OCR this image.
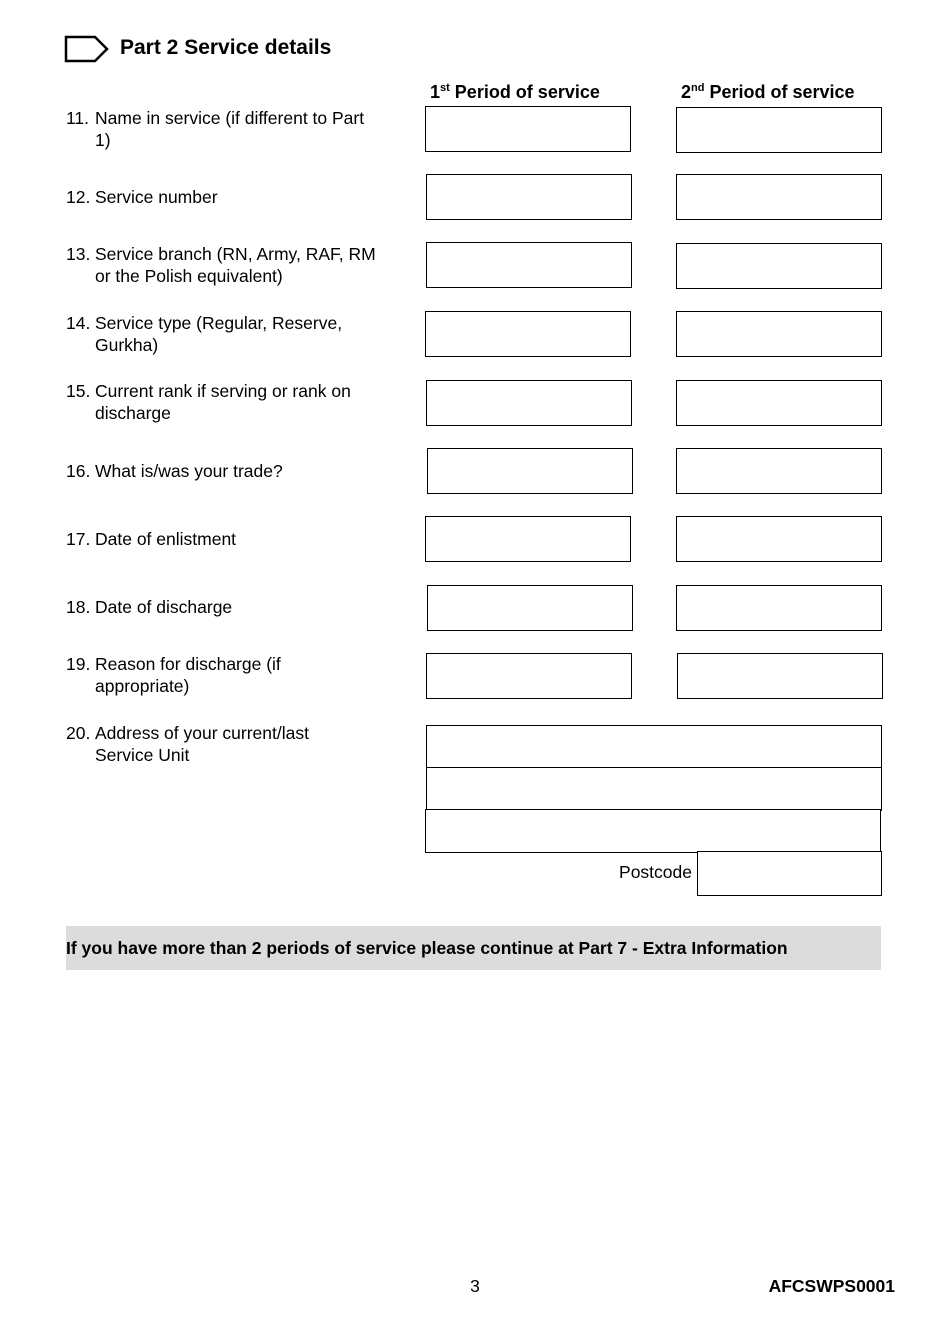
Part 2 Service details
1st Period of service	2nd Period of service
11. Name in service (if different to Part 1)
12. Service number
13. Service branch (RN, Army, RAF, RM or the Polish equivalent)
14. Service type (Regular, Reserve, Gurkha)
15. Current rank if serving or rank on discharge
16. What is/was your trade?
17. Date of enlistment
18. Date of discharge
19. Reason for discharge (if appropriate)
20. Address of your current/last Service Unit
Postcode
If you have more than 2 periods of service please continue at Part 7 - Extra Information
3	AFCSWPS0001
